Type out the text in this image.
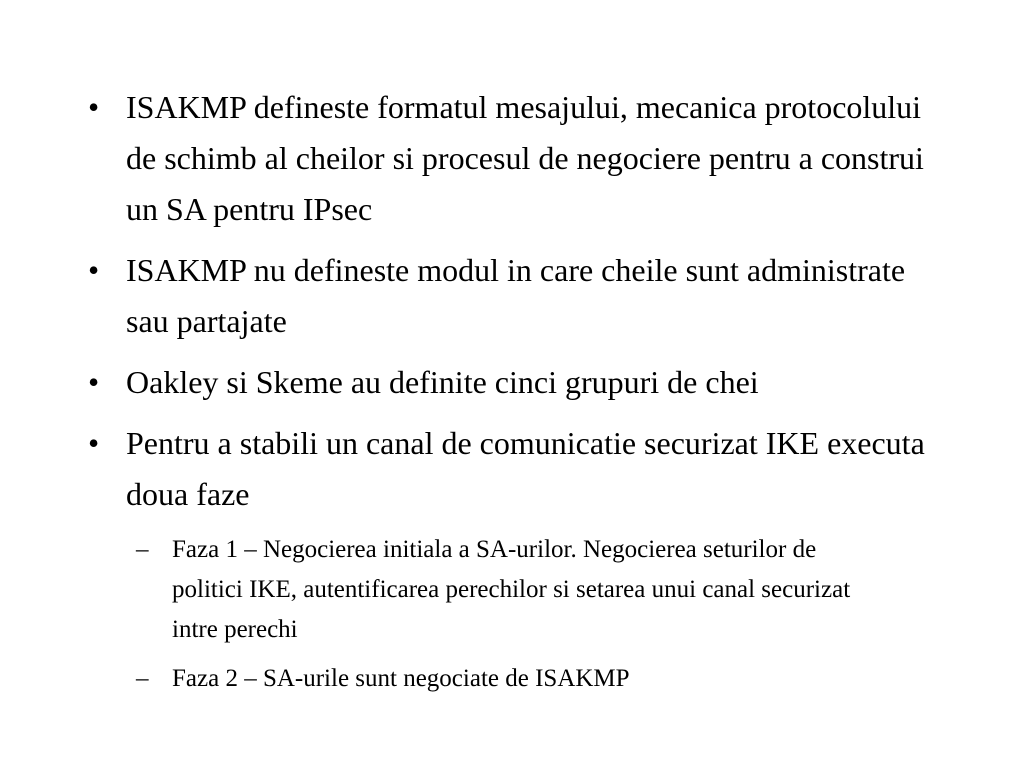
• ISAKMP defineste formatul mesajului, mecanica protocolului de schimb al cheilor si procesul de negociere pentru a construi un SA pentru IPsec
• ISAKMP nu defineste modul in care cheile sunt administrate sau partajate
• Oakley si Skeme au definite cinci grupuri de chei
• Pentru a stabili un canal de comunicatie securizat IKE executa doua faze
– Faza 1 – Negocierea initiala a SA-urilor. Negocierea seturilor de politici IKE, autentificarea perechilor si setarea unui canal securizat intre perechi
– Faza 2 – SA-urile sunt negociate de ISAKMP
